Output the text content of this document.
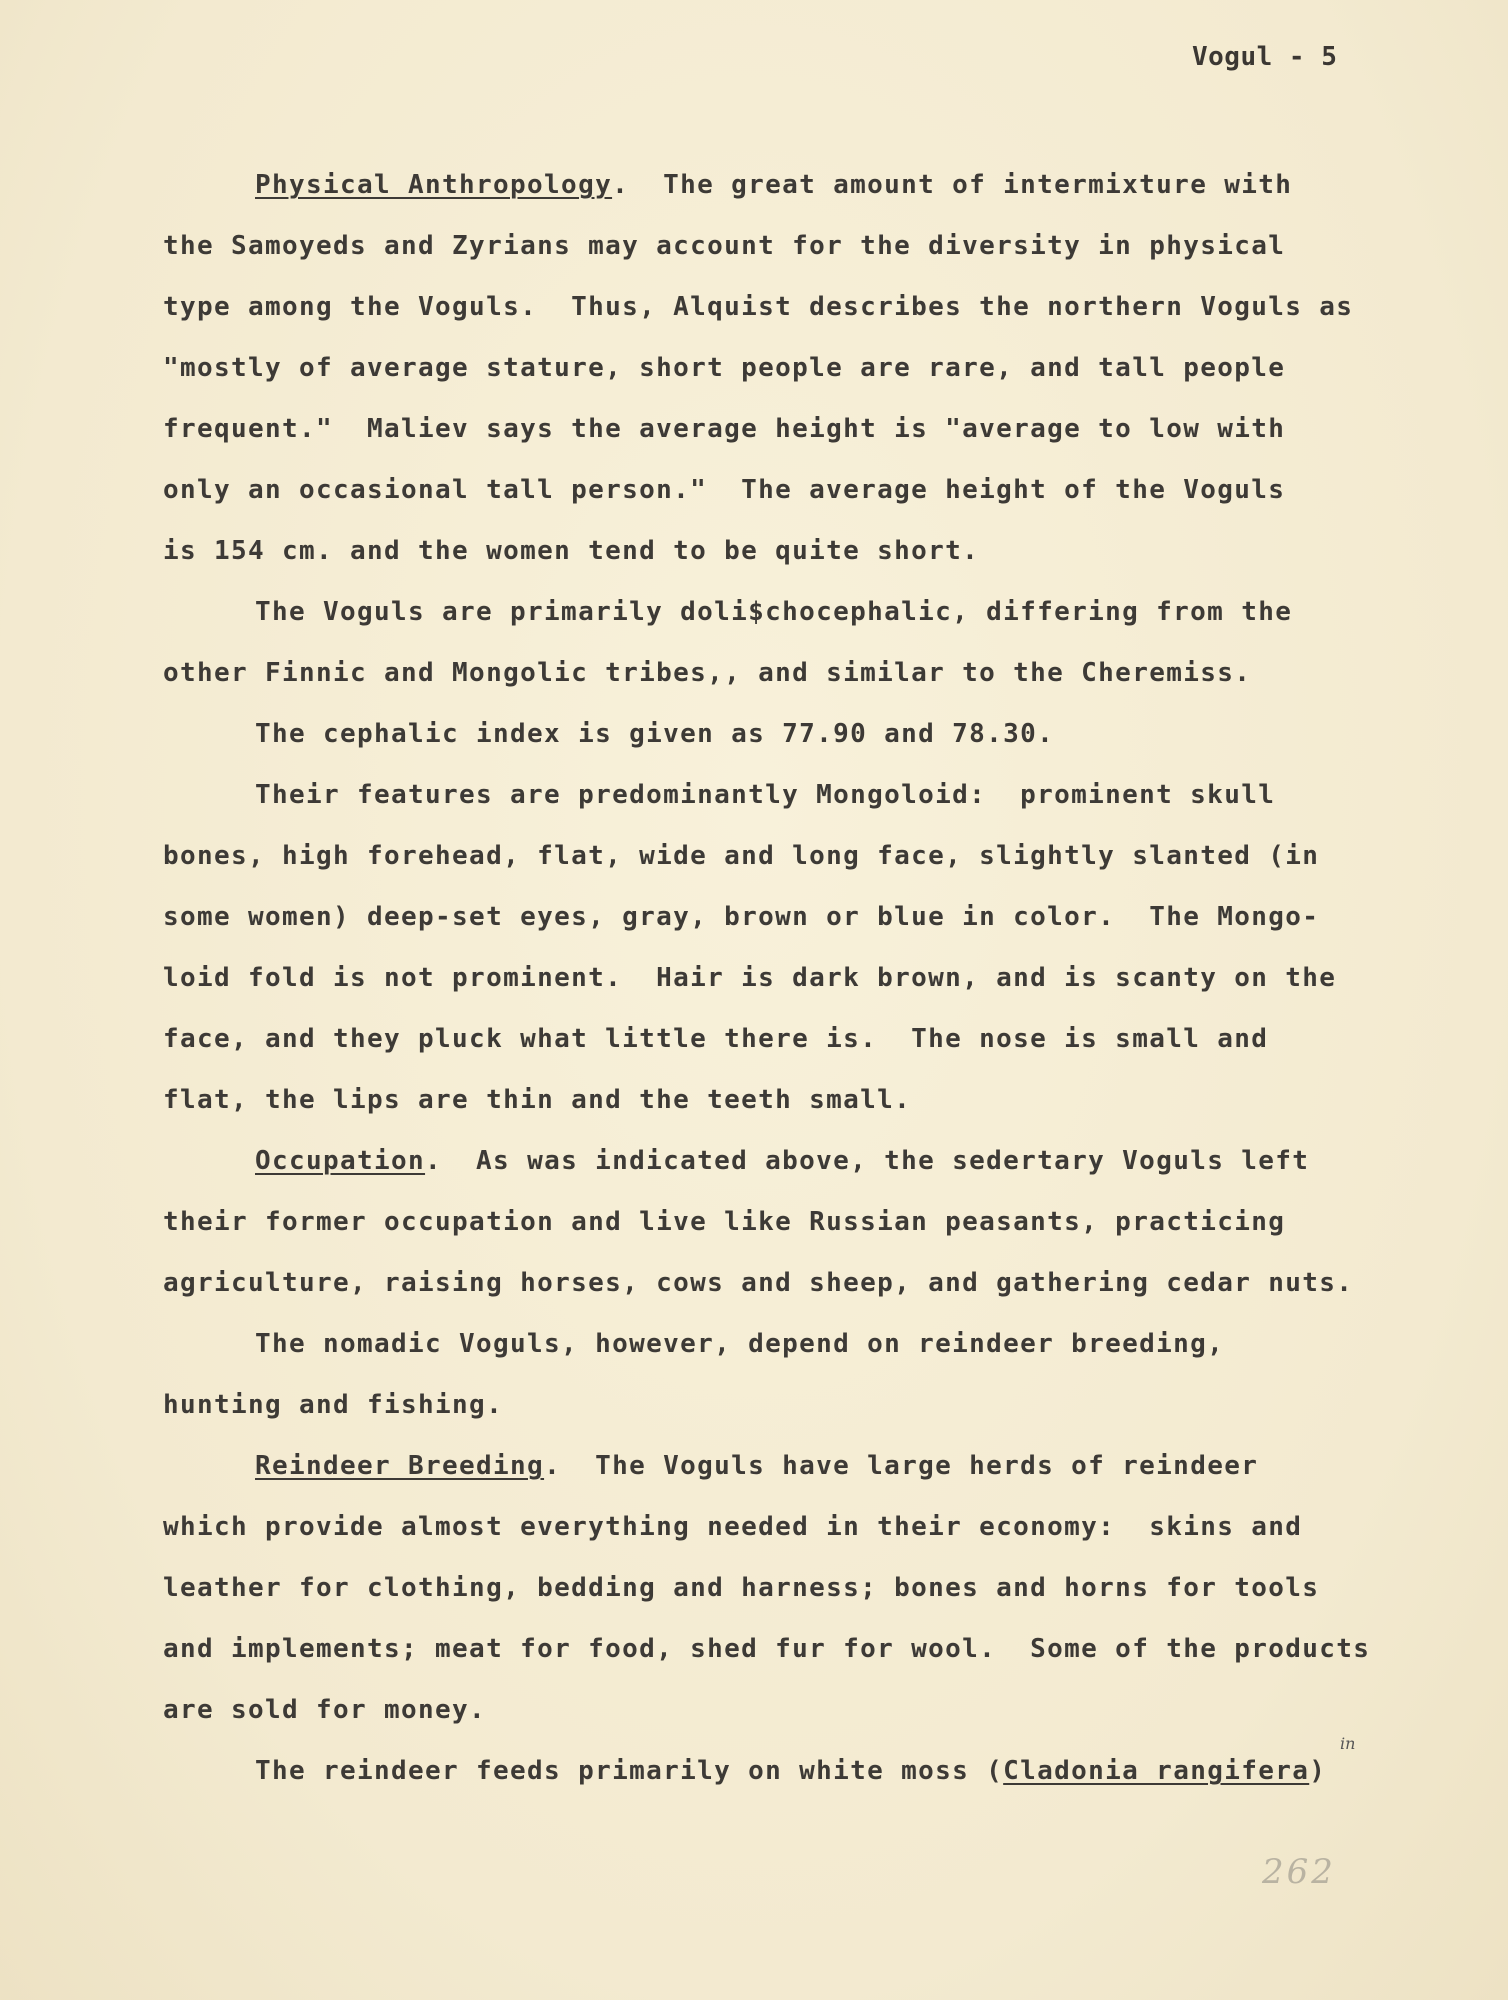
Vogul - 5
Physical Anthropology.  The great amount of intermixture with
the Samoyeds and Zyrians may account for the diversity in physical
type among the Voguls.  Thus, Alquist describes the northern Voguls as
"mostly of average stature, short people are rare, and tall people
frequent."  Maliev says the average height is "average to low with
only an occasional tall person."  The average height of the Voguls
is 154 cm. and the women tend to be quite short.
The Voguls are primarily doli$chocephalic, differing from the
other Finnic and Mongolic tribes,, and similar to the Cheremiss.
The cephalic index is given as 77.90 and 78.30.
Their features are predominantly Mongoloid:  prominent skull
bones, high forehead, flat, wide and long face, slightly slanted (in
some women) deep-set eyes, gray, brown or blue in color.  The Mongo-
loid fold is not prominent.  Hair is dark brown, and is scanty on the
face, and they pluck what little there is.  The nose is small and
flat, the lips are thin and the teeth small.
Occupation.  As was indicated above, the sedertary Voguls left
their former occupation and live like Russian peasants, practicing
agriculture, raising horses, cows and sheep, and gathering cedar nuts.
The nomadic Voguls, however, depend on reindeer breeding,
hunting and fishing.
Reindeer Breeding.  The Voguls have large herds of reindeer
which provide almost everything needed in their economy:  skins and
leather for clothing, bedding and harness; bones and horns for tools
and implements; meat for food, shed fur for wool.  Some of the products
are sold for money.
The reindeer feeds primarily on white moss (Cladonia rangifera)
in
262
